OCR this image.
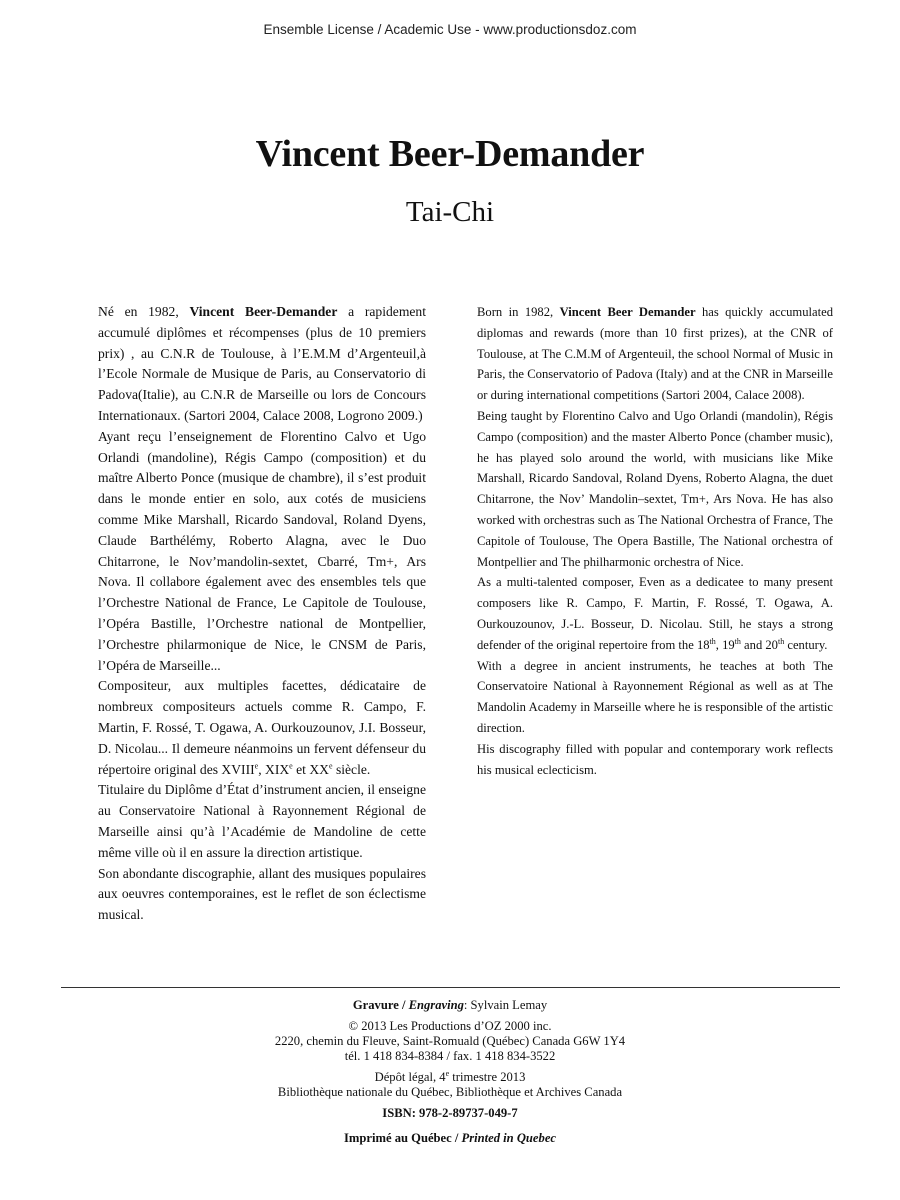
Ensemble License / Academic Use - www.productionsdoz.com
Vincent Beer-Demander
Tai-Chi

Né en 1982, Vincent Beer-Demander a rapidement accumulé diplômes et récompenses (plus de 10 premiers prix) , au C.N.R de Toulouse, à l’E.M.M d’Argenteuil,à l’Ecole Normale de Musique de Paris, au Conservatorio di Padova(Italie), au C.N.R de Marseille ou lors de Concours Internationaux. (Sartori 2004, Calace 2008, Logrono 2009.)

Ayant reçu l’enseignement de Florentino Calvo et Ugo Orlandi (mandoline), Régis Campo (composition) et du maître Alberto Ponce (musique de chambre), il s’est produit dans le monde entier en solo, aux cotés de musiciens comme Mike Marshall, Ricardo Sandoval, Roland Dyens, Claude Barthélémy, Roberto Alagna, avec le Duo Chitarrone, le Nov’mandolin-sextet, Cbarré, Tm+, Ars Nova. Il collabore également avec des ensembles tels que l’Orchestre National de France, Le Capitole de Toulouse, l’Opéra Bastille, l’Orchestre national de Montpellier, l’Orchestre philarmonique de Nice, le CNSM de Paris, l’Opéra de Marseille...

Compositeur, aux multiples facettes, dédicataire de nombreux compositeurs actuels comme R. Campo, F. Martin, F. Rossé, T. Ogawa, A. Ourkouzounov, J.I. Bosseur, D. Nicolau... Il demeure néanmoins un fervent défenseur du répertoire original des XVIIIe, XIXe et XXe siècle.

Titulaire du Diplôme d’État d’instrument ancien, il enseigne au Conservatoire National à Rayonnement Régional de Marseille ainsi qu’à l’Académie de Mandoline de cette même ville où il en assure la direction artistique.

Son abondante discographie, allant des musiques populaires aux oeuvres contemporaines, est le reflet de son éclectisme musical.

Born in 1982, Vincent Beer Demander has quickly accumulated diplomas and rewards (more than 10 first prizes), at the CNR of Toulouse, at The C.M.M of Argenteuil, the school Normal of Music in Paris, the Conservatorio of Padova (Italy) and at the CNR in Marseille or during international competitions (Sartori 2004, Calace 2008).

Being taught by Florentino Calvo and Ugo Orlandi (mandolin), Régis Campo (composition) and the master Alberto Ponce (chamber music), he has played solo around the world, with musicians like Mike Marshall, Ricardo Sandoval, Roland Dyens, Roberto Alagna, the duet Chitarrone, the Nov’ Mandolin–sextet, Tm+, Ars Nova. He has also worked with orchestras such as The National Orchestra of France, The Capitole of Toulouse, The Opera Bastille, The National orchestra of Montpellier and The philharmonic orchestra of Nice.

As a multi-talented composer, Even as a dedicatee to many present composers like R. Campo, F. Martin, F. Rossé, T. Ogawa, A. Ourkouzounov, J.-L. Bosseur, D. Nicolau. Still, he stays a strong defender of the original repertoire from the 18th, 19th and 20th century.

With a degree in ancient instruments, he teaches at both The Conservatoire National à Rayonnement Régional as well as at The Mandolin Academy in Marseille where he is responsible of the artistic direction.

His discography filled with popular and contemporary work reflects his musical eclecticism.

Gravure / Engraving: Sylvain Lemay
© 2013 Les Productions d’OZ 2000 inc.
2220, chemin du Fleuve, Saint-Romuald (Québec) Canada G6W 1Y4
tél. 1 418 834-8384 / fax. 1 418 834-3522
Dépôt légal, 4e trimestre 2013
Bibliothèque nationale du Québec, Bibliothèque et Archives Canada
ISBN: 978-2-89737-049-7
Imprimé au Québec / Printed in Quebec
